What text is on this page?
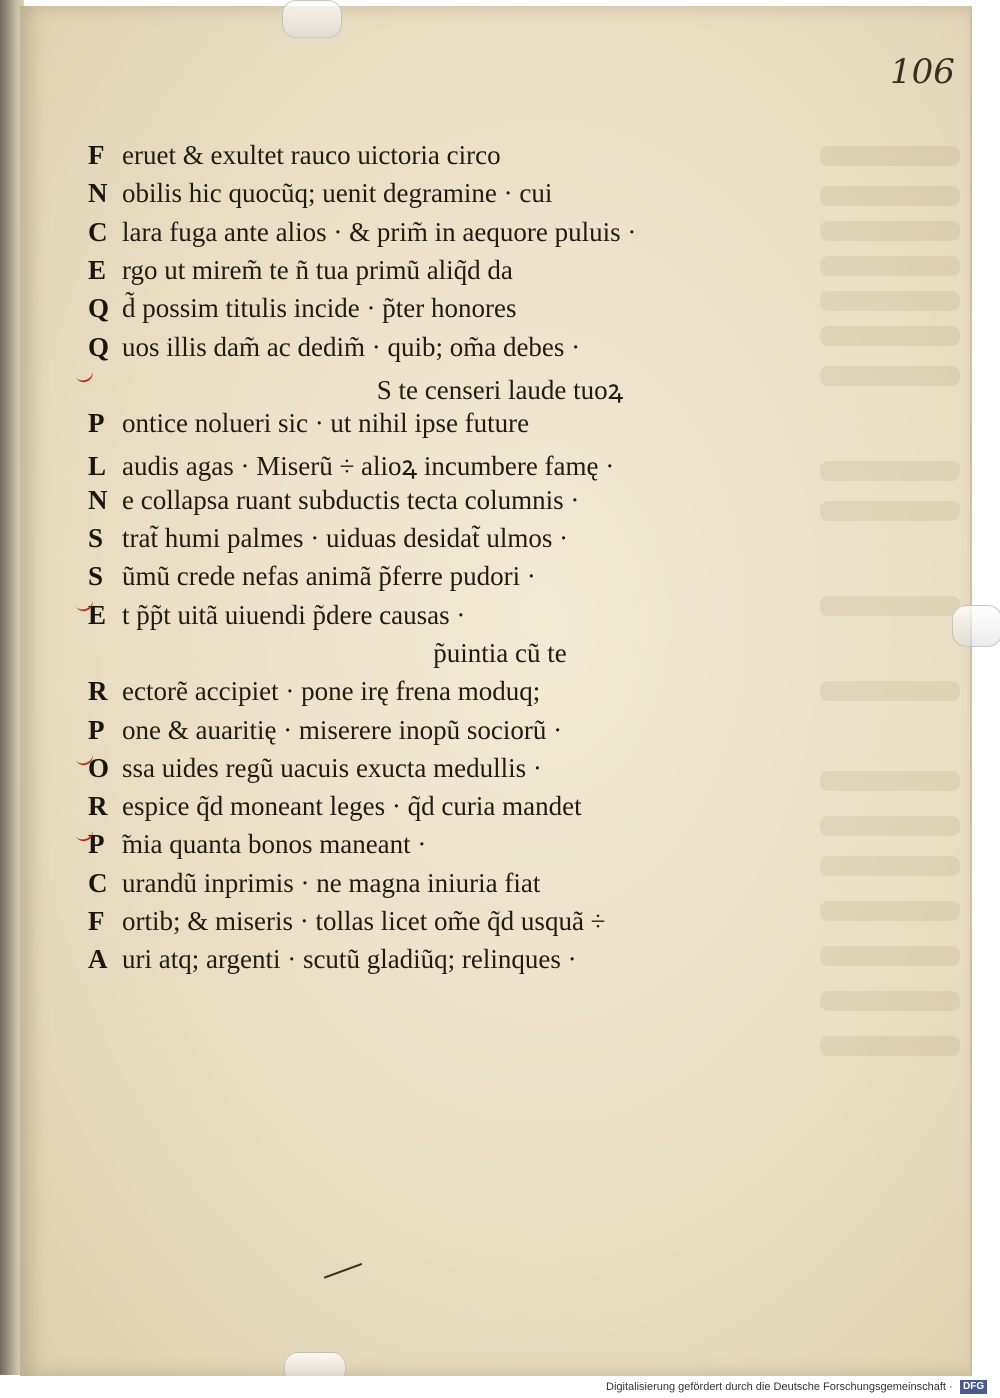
106
F eruet & exultet rauco uictoria circo
N obilis hic quocũq; uenit degramine · cui
C lara fuga ante alios · & prim̃ in aequore puluis ·
E rgo ut mirem̃ te ñ tua primũ aliq̃d da
Q d̃ possim titulis incide · p̃ter honores
Q uos illis dam̃ ac dedim̃ · quib; om̃a debes ·
S te censeri laude tuoꝝ
P ontice nolueri sic · ut nihil ipse future
L audis agas · Miserũ ÷ alioꝝ incumbere famę ·
N e collapsa ruant subductis tecta columnis ·
S trat̃ humi palmes · uiduas desidat̃ ulmos ·
S ũmũ crede nefas animã p̃ferre pudori ·
E t p̃p̃t uitã uiuendi p̃dere causas ·
p̃uintia cũ te
R ectorẽ accipiet · pone irę frena moduq;
P one & auaritię · miserere inopũ sociorũ ·
O ssa uides regũ uacuis exucta medullis ·
R espice q̃d moneant leges · q̃d curia mandet
P ̃mia quanta bonos maneant ·
C urandũ inprimis · ne magna iniuria fiat
F ortib; & miseris · tollas licet om̃e q̃d usquã ÷
A uri atq; argenti · scutũ gladiũq; relinques ·
Digitalisierung gefördert durch die Deutsche Forschungsgemeinschaft ·	DFG
